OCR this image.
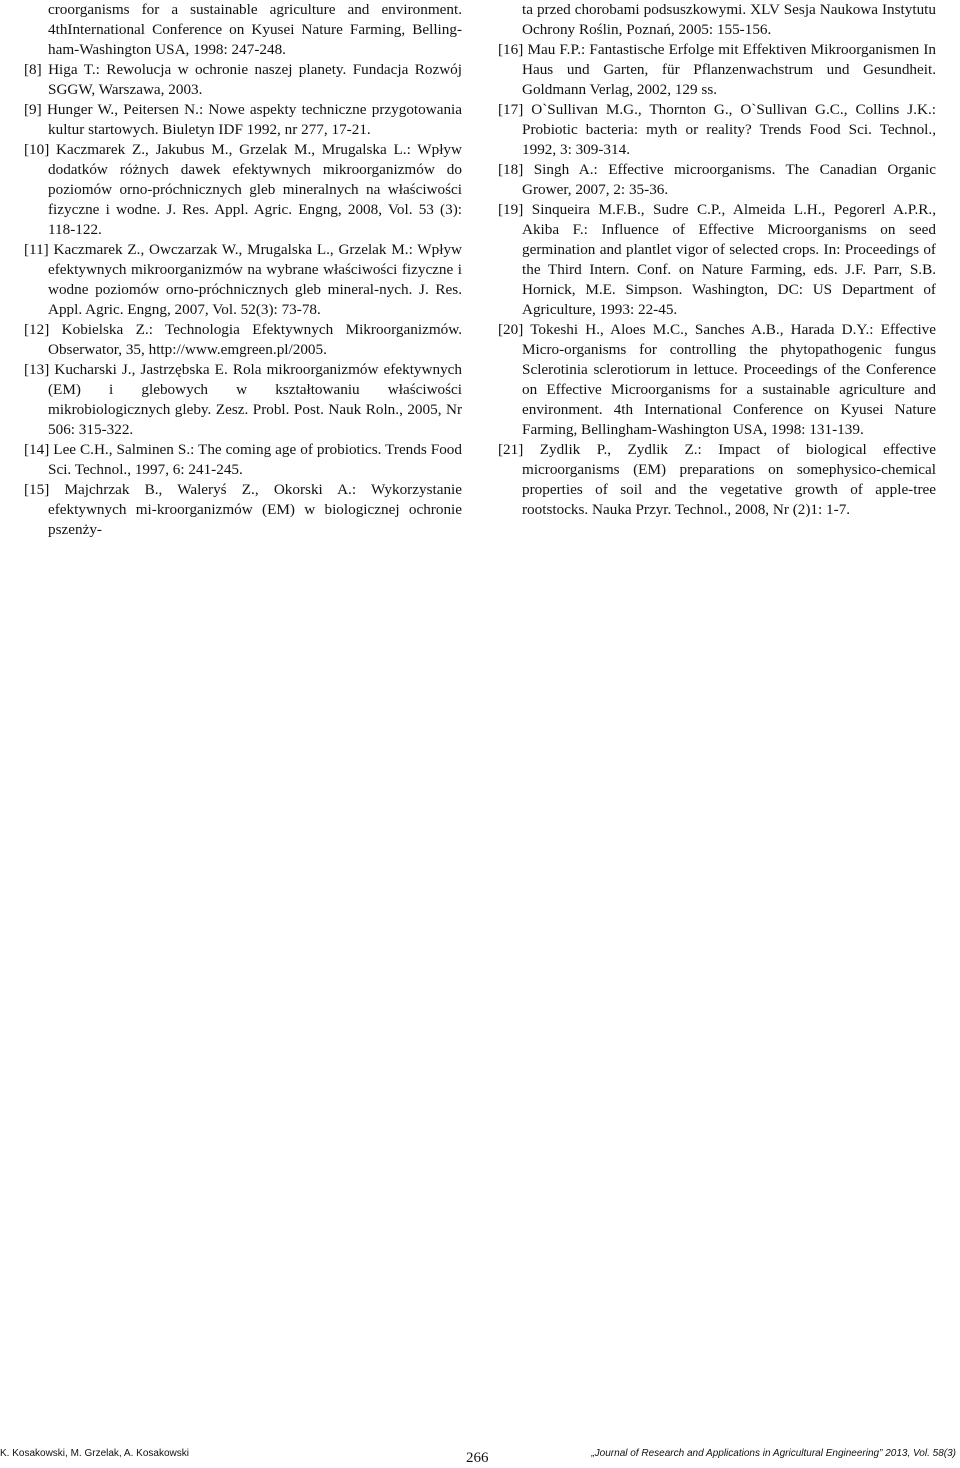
croorganisms for a sustainable agriculture and environment. 4thInternational Conference on Kyusei Nature Farming, Belling-ham-Washington USA, 1998: 247-248.

[8] Higa T.: Rewolucja w ochronie naszej planety. Fundacja Rozwój SGGW, Warszawa, 2003.

[9] Hunger W., Peitersen N.: Nowe aspekty techniczne przygotowania kultur startowych. Biuletyn IDF 1992, nr 277, 17-21.

[10] Kaczmarek Z., Jakubus M., Grzelak M., Mrugalska L.: Wpływ dodatków różnych dawek efektywnych mikroorganizmów do poziomów orno-próchnicznych gleb mineralnych na właściwości fizyczne i wodne. J. Res. Appl. Agric. Engng, 2008, Vol. 53 (3): 118-122.

[11] Kaczmarek Z., Owczarzak W., Mrugalska L., Grzelak M.: Wpływ efektywnych mikroorganizmów na wybrane właściwości fizyczne i wodne poziomów orno-próchnicznych gleb mineral-nych. J. Res. Appl. Agric. Engng, 2007, Vol. 52(3): 73-78.

[12] Kobielska Z.: Technologia Efektywnych Mikroorganizmów. Obserwator, 35, http://www.emgreen.pl/2005.

[13] Kucharski J., Jastrzębska E. Rola mikroorganizmów efektywnych (EM) i glebowych w kształtowaniu właściwości mikrobiologicznych gleby. Zesz. Probl. Post. Nauk Roln., 2005, Nr 506: 315-322.

[14] Lee C.H., Salminen S.: The coming age of probiotics. Trends Food Sci. Technol., 1997, 6: 241-245.

[15] Majchrzak B., Waleryś Z., Okorski A.: Wykorzystanie efektywnych mi-kroorganizmów (EM) w biologicznej ochronie pszenży-

ta przed chorobami podsuszkowymi. XLV Sesja Naukowa Instytutu Ochrony Roślin, Poznań, 2005: 155-156.

[16] Mau F.P.: Fantastische Erfolge mit Effektiven Mikroorganismen In Haus und Garten, für Pflanzenwachstrum und Gesundheit. Goldmann Verlag, 2002, 129 ss.

[17] O`Sullivan M.G., Thornton G., O`Sullivan G.C., Collins J.K.: Probiotic bacteria: myth or reality? Trends Food Sci. Technol., 1992, 3: 309-314.

[18] Singh A.: Effective microorganisms. The Canadian Organic Grower, 2007, 2: 35-36.

[19] Sinqueira M.F.B., Sudre C.P., Almeida L.H., Pegorerl A.P.R., Akiba F.: Influence of Effective Microorganisms on seed germination and plantlet vigor of selected crops. In: Proceedings of the Third Intern. Conf. on Nature Farming, eds. J.F. Parr, S.B. Hornick, M.E. Simpson. Washington, DC: US Department of Agriculture, 1993: 22-45.

[20] Tokeshi H., Aloes M.C., Sanches A.B., Harada D.Y.: Effective Micro-organisms for controlling the phytopathogenic fungus Sclerotinia sclerotiorum in lettuce. Proceedings of the Conference on Effective Microorganisms for a sustainable agriculture and environment. 4th International Conference on Kyusei Nature Farming, Bellingham-Washington USA, 1998: 131-139.

[21] Zydlik P., Zydlik Z.: Impact of biological effective microorganisms (EM) preparations on somephysico-chemical properties of soil and the vegetative growth of apple-tree rootstocks. Nauka Przyr. Technol., 2008, Nr (2)1: 1-7.

K. Kosakowski, M. Grzelak, A. Kosakowski	266	„Journal of Research and Applications in Agricultural Engineering” 2013, Vol. 58(3)
